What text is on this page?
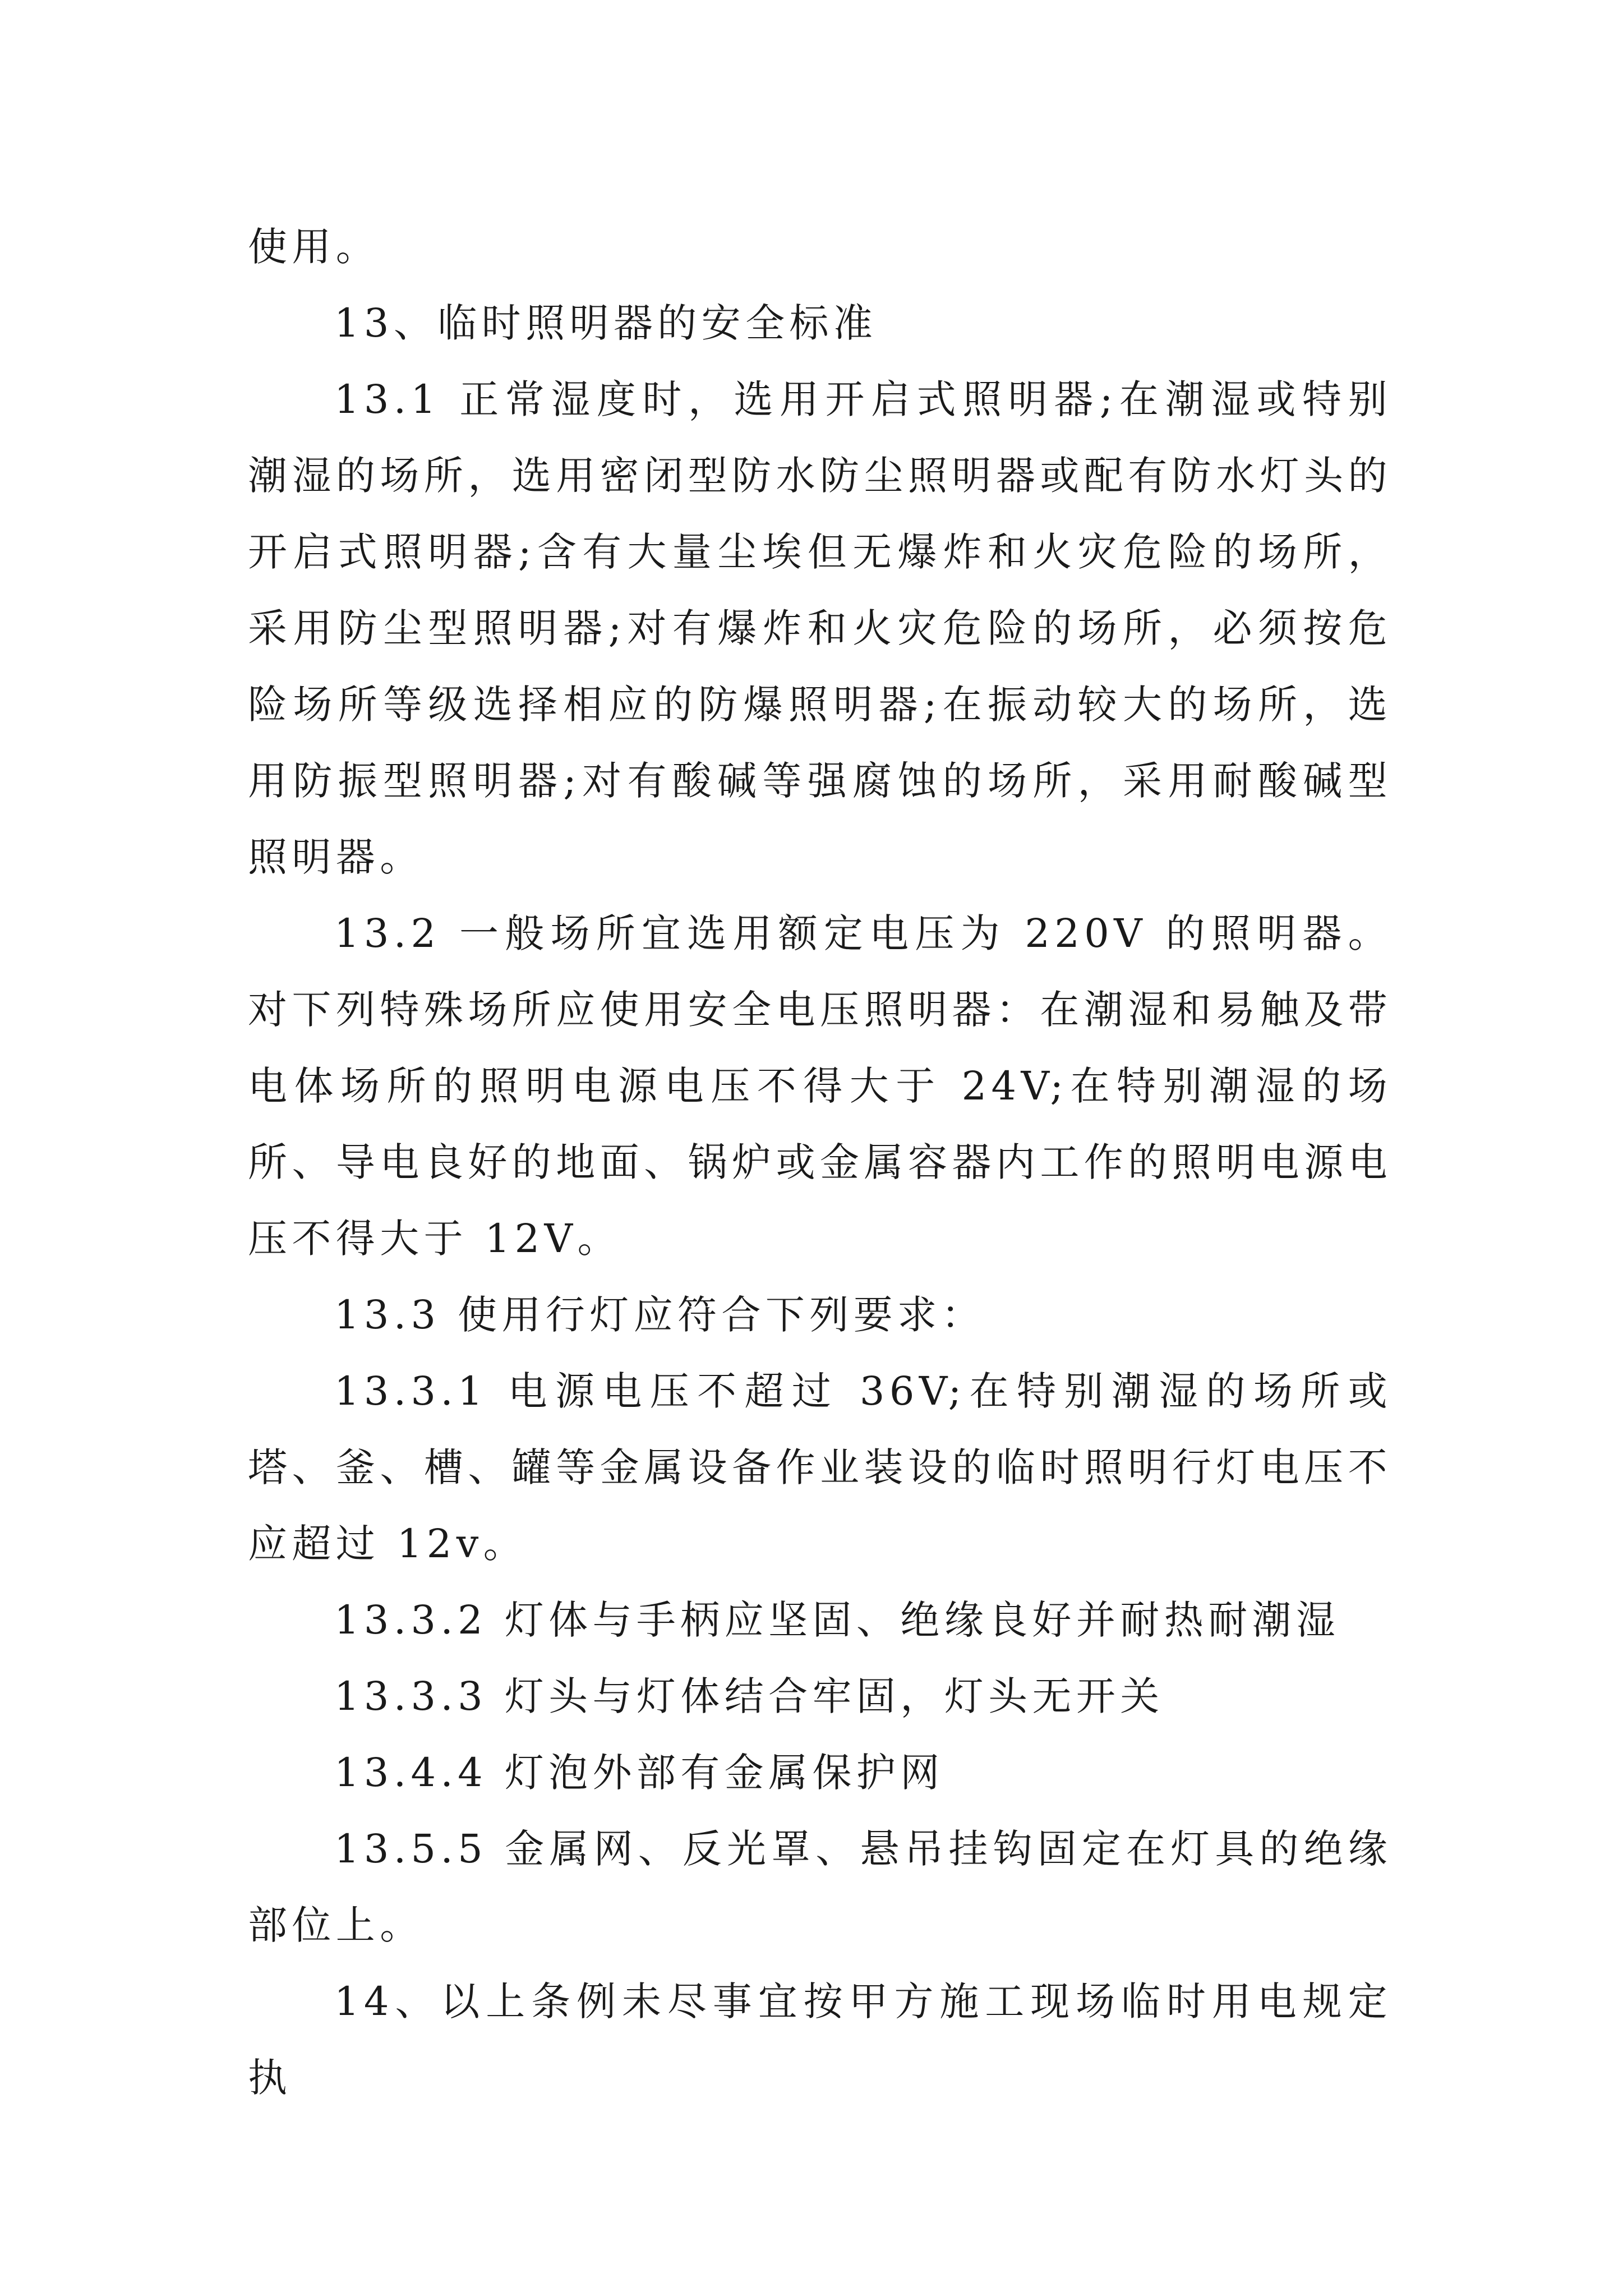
使用。

13、临时照明器的安全标准

13.1 正常湿度时，选用开启式照明器;在潮湿或特别潮湿的场所，选用密闭型防水防尘照明器或配有防水灯头的开启式照明器;含有大量尘埃但无爆炸和火灾危险的场所，采用防尘型照明器;对有爆炸和火灾危险的场所，必须按危险场所等级选择相应的防爆照明器;在振动较大的场所，选用防振型照明器;对有酸碱等强腐蚀的场所，采用耐酸碱型照明器。

13.2 一般场所宜选用额定电压为 220V 的照明器。对下列特殊场所应使用安全电压照明器：在潮湿和易触及带电体场所的照明电源电压不得大于 24V;在特别潮湿的场所、导电良好的地面、锅炉或金属容器内工作的照明电源电压不得大于 12V。

13.3 使用行灯应符合下列要求：

13.3.1 电源电压不超过 36V;在特别潮湿的场所或塔、釜、槽、罐等金属设备作业装设的临时照明行灯电压不应超过 12v。

13.3.2 灯体与手柄应坚固、绝缘良好并耐热耐潮湿

13.3.3 灯头与灯体结合牢固，灯头无开关

13.4.4 灯泡外部有金属保护网

13.5.5 金属网、反光罩、悬吊挂钩固定在灯具的绝缘部位上。

14、以上条例未尽事宜按甲方施工现场临时用电规定执
